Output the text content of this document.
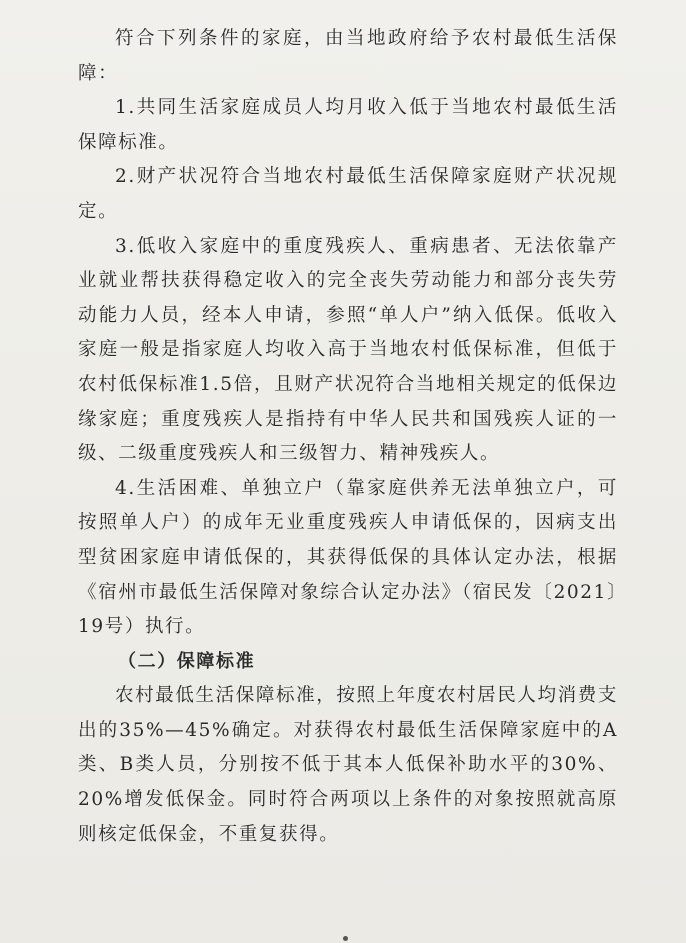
符合下列条件的家庭，由当地政府给予农村最低生活保障：

1.共同生活家庭成员人均月收入低于当地农村最低生活保障标准。

2.财产状况符合当地农村最低生活保障家庭财产状况规定。

3.低收入家庭中的重度残疾人、重病患者、无法依靠产业就业帮扶获得稳定收入的完全丧失劳动能力和部分丧失劳动能力人员，经本人申请，参照“单人户”纳入低保。低收入家庭一般是指家庭人均收入高于当地农村低保标准，但低于农村低保标准1.5倍，且财产状况符合当地相关规定的低保边缘家庭；重度残疾人是指持有中华人民共和国残疾人证的一级、二级重度残疾人和三级智力、精神残疾人。

4.生活困难、单独立户（靠家庭供养无法单独立户，可按照单人户）的成年无业重度残疾人申请低保的，因病支出型贫困家庭申请低保的，其获得低保的具体认定办法，根据《宿州市最低生活保障对象综合认定办法》（宿民发〔2021〕19号）执行。

（二）保障标准

农村最低生活保障标准，按照上年度农村居民人均消费支出的35%—45%确定。对获得农村最低生活保障家庭中的A类、B类人员，分别按不低于其本人低保补助水平的30%、20%增发低保金。同时符合两项以上条件的对象按照就高原则核定低保金，不重复获得。
